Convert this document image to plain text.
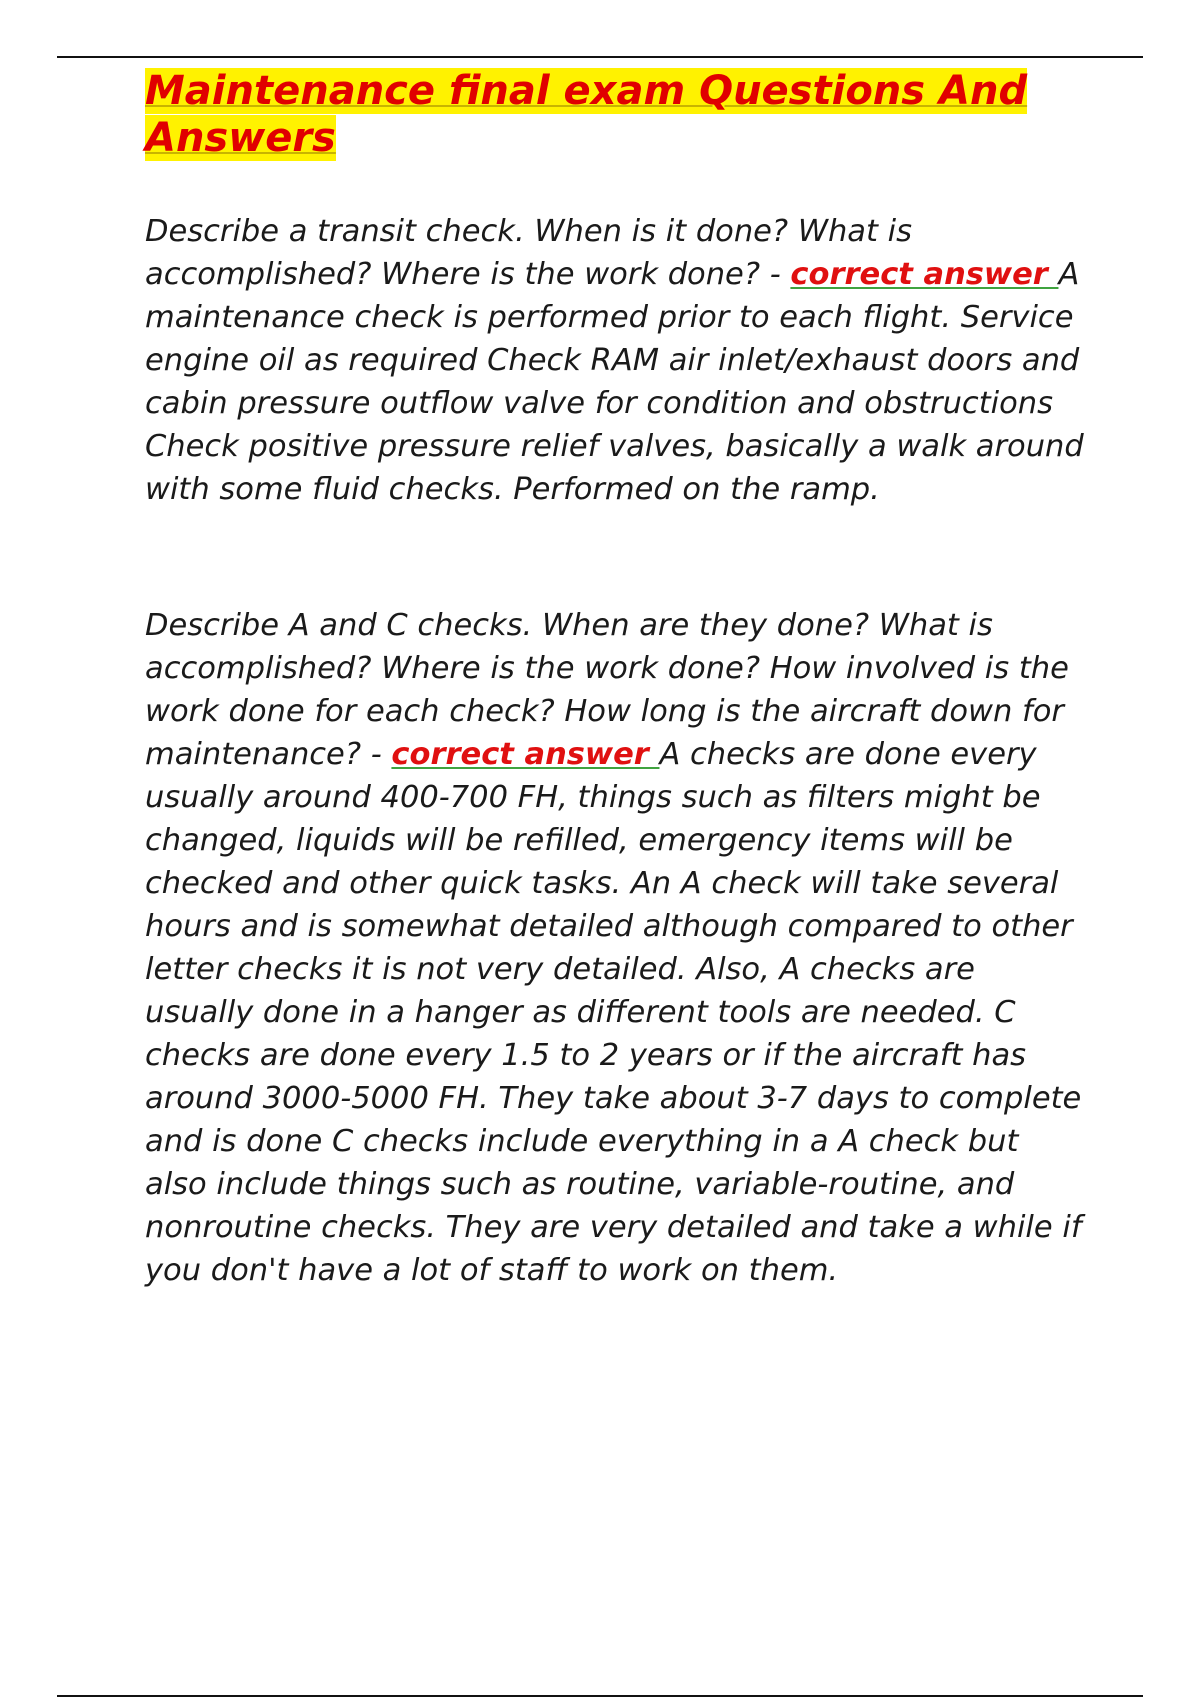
Maintenance final exam Questions And Answers

Describe a transit check. When is it done? What is accomplished? Where is the work done? - correct answer A maintenance check is performed prior to each flight. Service engine oil as required Check RAM air inlet/exhaust doors and cabin pressure outflow valve for condition and obstructions Check positive pressure relief valves, basically a walk around with some fluid checks. Performed on the ramp.

Describe A and C checks. When are they done? What is accomplished? Where is the work done? How involved is the work done for each check? How long is the aircraft down for maintenance? - correct answer A checks are done every usually around 400-700 FH, things such as filters might be changed, liquids will be refilled, emergency items will be checked and other quick tasks. An A check will take several hours and is somewhat detailed although compared to other letter checks it is not very detailed. Also, A checks are usually done in a hanger as different tools are needed. C checks are done every 1.5 to 2 years or if the aircraft has around 3000-5000 FH. They take about 3-7 days to complete and is done C checks include everything in a A check but also include things such as routine, variable-routine, and nonroutine checks. They are very detailed and take a while if you don't have a lot of staff to work on them.
